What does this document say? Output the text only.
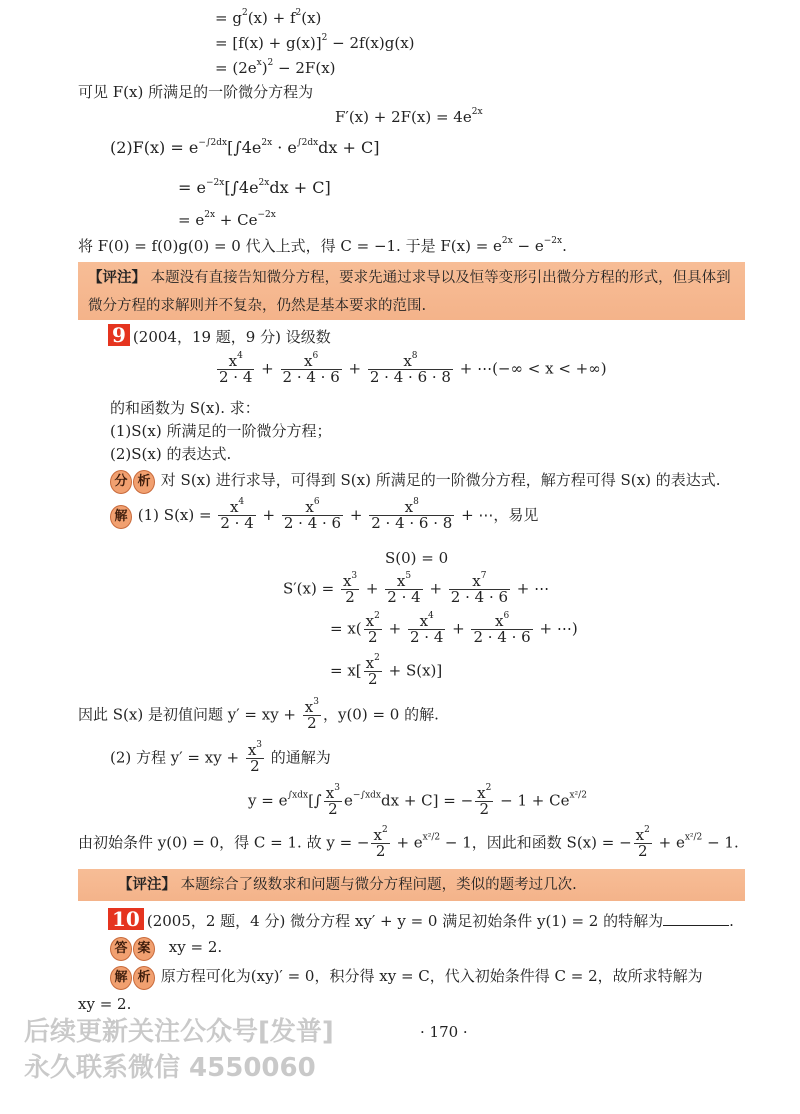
= $g^2(x) + f^2(x)$
= $[f(x) + g(x)]^2 - 2f(x)g(x)$
= $(2e^x)^2 - 2F(x)$
可见 F(x) 所满足的一阶微分方程为
$F'(x) + 2F(x) = 4e^{2x}$
$(2)F(x) = e^{-\int 2dx}[\int 4e^{2x} \cdot e^{\int 2dx}dx + C]$
= $e^{-2x}[\int 4e^{2x}dx + C]$
= $e^{2x} + Ce^{-2x}$
将 F(0) = f(0)g(0) = 0 代入上式，得 C = −1. 于是 $F(x) = e^{2x} - e^{-2x}$.
【评注】 本题没有直接告知微分方程，要求先通过求导以及恒等变形引出微分方程的形式，但具体到微分方程的求解则并不复杂，仍然是基本要求的范围.
9 (2004，19 题，9 分) 设级数
$\frac{x^4}{2 \cdot 4} + \frac{x^6}{2 \cdot 4 \cdot 6} + \frac{x^8}{2 \cdot 4 \cdot 6 \cdot 8}$ + ⋯(−∞ < x < +∞)
的和函数为 S(x). 求：
(1)S(x) 所满足的一阶微分方程；
(2)S(x) 的表达式.
分 析 对 S(x) 进行求导，可得到 S(x) 所满足的一阶微分方程，解方程可得 S(x) 的表达式.
解 (1) $S(x) = \frac{x^4}{2 \cdot 4} + \frac{x^6}{2 \cdot 4 \cdot 6} + \frac{x^8}{2 \cdot 4 \cdot 6 \cdot 8}$ + ⋯，易见
S(0) = 0
$S'(x) = \frac{x^3}{2} + \frac{x^5}{2 \cdot 4} + \frac{x^7}{2 \cdot 4 \cdot 6}$ + ⋯
= $x( \frac{x^2}{2} + \frac{x^4}{2 \cdot 4} + \frac{x^6}{2 \cdot 4 \cdot 6}$ + ⋯)
= $x[ \frac{x^2}{2} + S(x)]$
因此 S(x) 是初值问题 y′ = xy + $\frac{x^3}{2}$ ，y(0) = 0 的解.
(2) 方程 y′ = xy + $\frac{x^3}{2}$ 的通解为
$y = e^{\int xdx}[\int \frac{x^3}{2} e^{-\int xdx}dx + C]$ = − $\frac{x^2}{2} - 1 + Ce^{x^2/2}$
由初始条件 y(0) = 0，得 C = 1. 故 y = − $\frac{x^2}{2} + e^{x^2/2} - 1$，因此和函数 S(x) = − $\frac{x^2}{2} + e^{x^2/2} - 1$.
【评注】 本题综合了级数求和问题与微分方程问题，类似的题考过几次.
10 (2005，2 题，4 分) 微分方程 xy′ + y = 0 满足初始条件 y(1) = 2 的特解为	.
答 案 xy = 2.
解 析 原方程可化为(xy)′ = 0，积分得 xy = C，代入初始条件得 C = 2，故所求特解为
xy = 2.
后续更新关注公众号[发普]
永久联系微信 4550060
· 170 ·
